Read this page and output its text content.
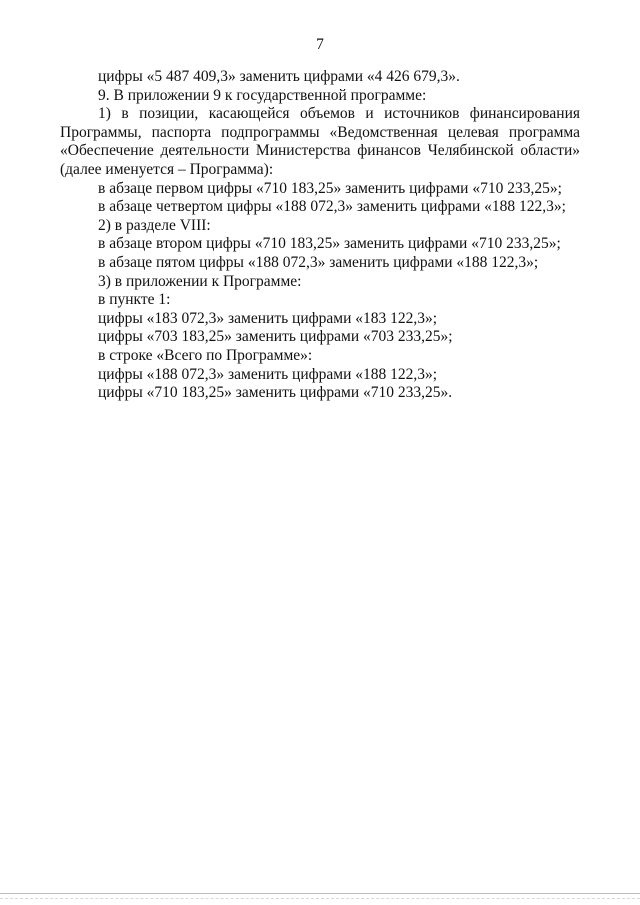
7
цифры «5 487 409,3» заменить цифрами «4 426 679,3».
9. В приложении 9 к государственной программе:
1) в позиции, касающейся объемов и источников финансирования
Программы, паспорта подпрограммы «Ведомственная целевая программа
«Обеспечение деятельности Министерства финансов Челябинской области»
(далее именуется – Программа):
в абзаце первом цифры «710 183,25» заменить цифрами «710 233,25»;
в абзаце четвертом цифры «188 072,3» заменить цифрами «188 122,3»;
2) в разделе VIII:
в абзаце втором цифры «710 183,25» заменить цифрами «710 233,25»;
в абзаце пятом цифры «188 072,3» заменить цифрами «188 122,3»;
3) в приложении к Программе:
в пункте 1:
цифры «183 072,3» заменить цифрами «183 122,3»;
цифры «703 183,25» заменить цифрами «703 233,25»;
в строке «Всего по Программе»:
цифры «188 072,3» заменить цифрами «188 122,3»;
цифры «710 183,25» заменить цифрами «710 233,25».
